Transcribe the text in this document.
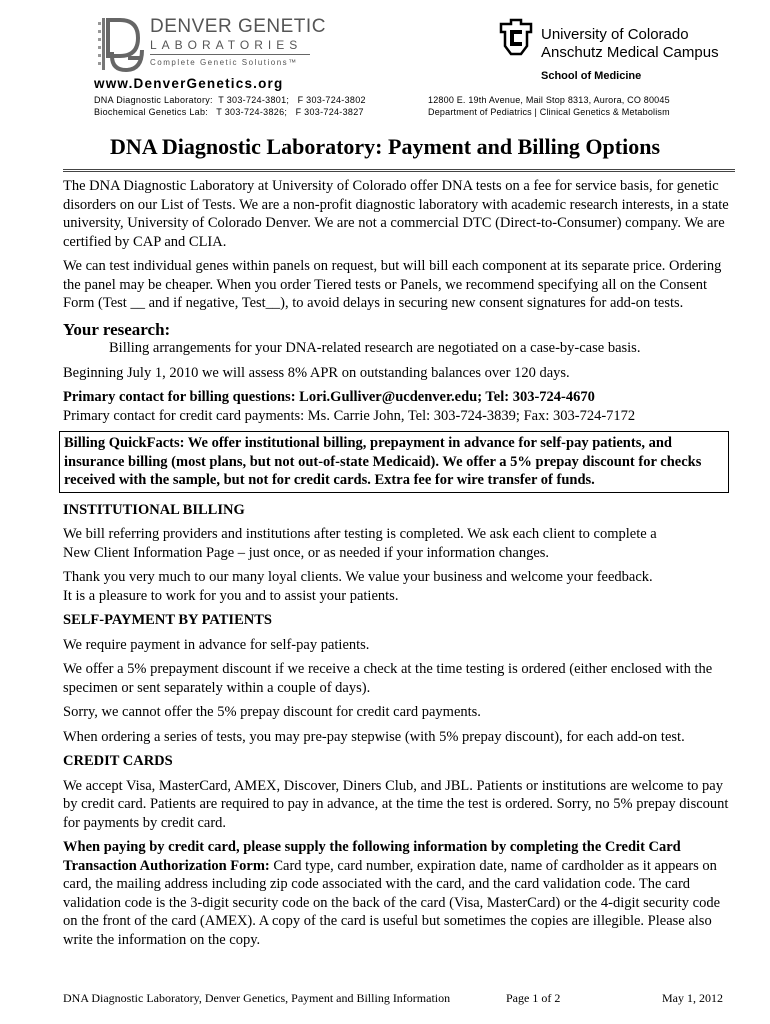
DENVER GENETIC
LABORATORIES
Complete Genetic Solutions™
www.DenverGenetics.org
DNA Diagnostic Laboratory:  T 303-724-3801;   F 303-724-3802
Biochemical Genetics Lab:   T 303-724-3826;   F 303-724-3827
University of Colorado
Anschutz Medical Campus
School of Medicine
12800 E. 19th Avenue, Mail Stop 8313, Aurora, CO 80045
Department of Pediatrics | Clinical Genetics & Metabolism
DNA Diagnostic Laboratory: Payment and Billing Options

The DNA Diagnostic Laboratory at University of Colorado offer DNA tests on a fee for service basis, for genetic disorders on our List of Tests. We are a non-profit diagnostic laboratory with academic research interests, in a state university, University of Colorado Denver. We are not a commercial DTC (Direct-to-Consumer) company. We are certified by CAP and CLIA.

We can test individual genes within panels on request, but will bill each component at its separate price. Ordering the panel may be cheaper. When you order Tiered tests or Panels, we recommend specifying all on the Consent Form (Test __ and if negative, Test__), to avoid delays in securing new consent signatures for add-on tests.

Your research:

Billing arrangements for your DNA-related research are negotiated on a case-by-case basis.

Beginning July 1, 2010 we will assess 8% APR on outstanding balances over 120 days.

Primary contact for billing questions: Lori.Gulliver@ucdenver.edu; Tel: 303-724-4670
Primary contact for credit card payments: Ms. Carrie John, Tel: 303-724-3839; Fax: 303-724-7172

Billing QuickFacts: We offer institutional billing, prepayment in advance for self-pay patients, and insurance billing (most plans, but not out-of-state Medicaid). We offer a 5% prepay discount for checks received with the sample, but not for credit cards. Extra fee for wire transfer of funds.

INSTITUTIONAL BILLING

We bill referring providers and institutions after testing is completed. We ask each client to complete a
New Client Information Page – just once, or as needed if your information changes.

Thank you very much to our many loyal clients. We value your business and welcome your feedback.
It is a pleasure to work for you and to assist your patients.

SELF-PAYMENT BY PATIENTS

We require payment in advance for self-pay patients.

We offer a 5% prepayment discount if we receive a check at the time testing is ordered (either enclosed with the specimen or sent separately within a couple of days).

Sorry, we cannot offer the 5% prepay discount for credit card payments.

When ordering a series of tests, you may pre-pay stepwise (with 5% prepay discount), for each add-on test.

CREDIT CARDS

We accept Visa, MasterCard, AMEX, Discover, Diners Club, and JBL. Patients or institutions are welcome to pay by credit card. Patients are required to pay in advance, at the time the test is ordered. Sorry, no 5% prepay discount for payments by credit card.

When paying by credit card, please supply the following information by completing the Credit Card Transaction Authorization Form: Card type, card number, expiration date, name of cardholder as it appears on card, the mailing address including zip code associated with the card, and the card validation code. The card validation code is the 3-digit security code on the back of the card (Visa, MasterCard) or the 4-digit security code on the front of the card (AMEX). A copy of the card is useful but sometimes the copies are illegible. Please also write the information on the copy.

DNA Diagnostic Laboratory, Denver Genetics, Payment and Billing Information	Page 1 of 2	May 1, 2012
